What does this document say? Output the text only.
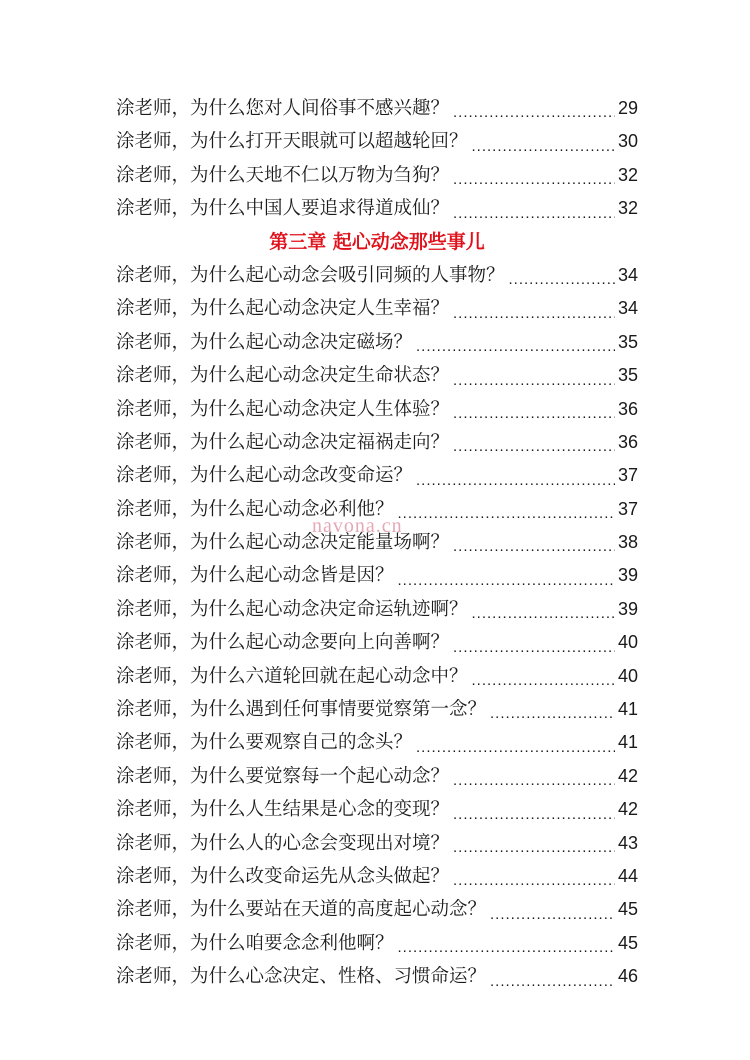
涂老师，为什么您对人间俗事不感兴趣？ .....	29
涂老师，为什么打开天眼就可以超越轮回？ .....	30
涂老师，为什么天地不仁以万物为刍狗？ .....	32
涂老师，为什么中国人要追求得道成仙？ .....	32
第三章 起心动念那些事儿
涂老师，为什么起心动念会吸引同频的人事物？ .....	34
涂老师，为什么起心动念决定人生幸福？ .....	34
涂老师，为什么起心动念决定磁场？ .....	35
涂老师，为什么起心动念决定生命状态？ .....	35
涂老师，为什么起心动念决定人生体验？ .....	36
涂老师，为什么起心动念决定福祸走向？ .....	36
涂老师，为什么起心动念改变命运？ .....	37
涂老师，为什么起心动念必利他？ .....	37
涂老师，为什么起心动念决定能量场啊？ .....	38
涂老师，为什么起心动念皆是因？ .....	39
涂老师，为什么起心动念决定命运轨迹啊？ .....	39
涂老师，为什么起心动念要向上向善啊？ .....	40
涂老师，为什么六道轮回就在起心动念中？ .....	40
涂老师，为什么遇到任何事情要觉察第一念？ .....	41
涂老师，为什么要观察自己的念头？ .....	41
涂老师，为什么要觉察每一个起心动念？ .....	42
涂老师，为什么人生结果是心念的变现？ .....	42
涂老师，为什么人的心念会变现出对境？ .....	43
涂老师，为什么改变命运先从念头做起？ .....	44
涂老师，为什么要站在天道的高度起心动念？ .....	45
涂老师，为什么咱要念念利他啊？ .....	45
涂老师，为什么心念决定、性格、习惯命运？ .....	46
navona.cn
